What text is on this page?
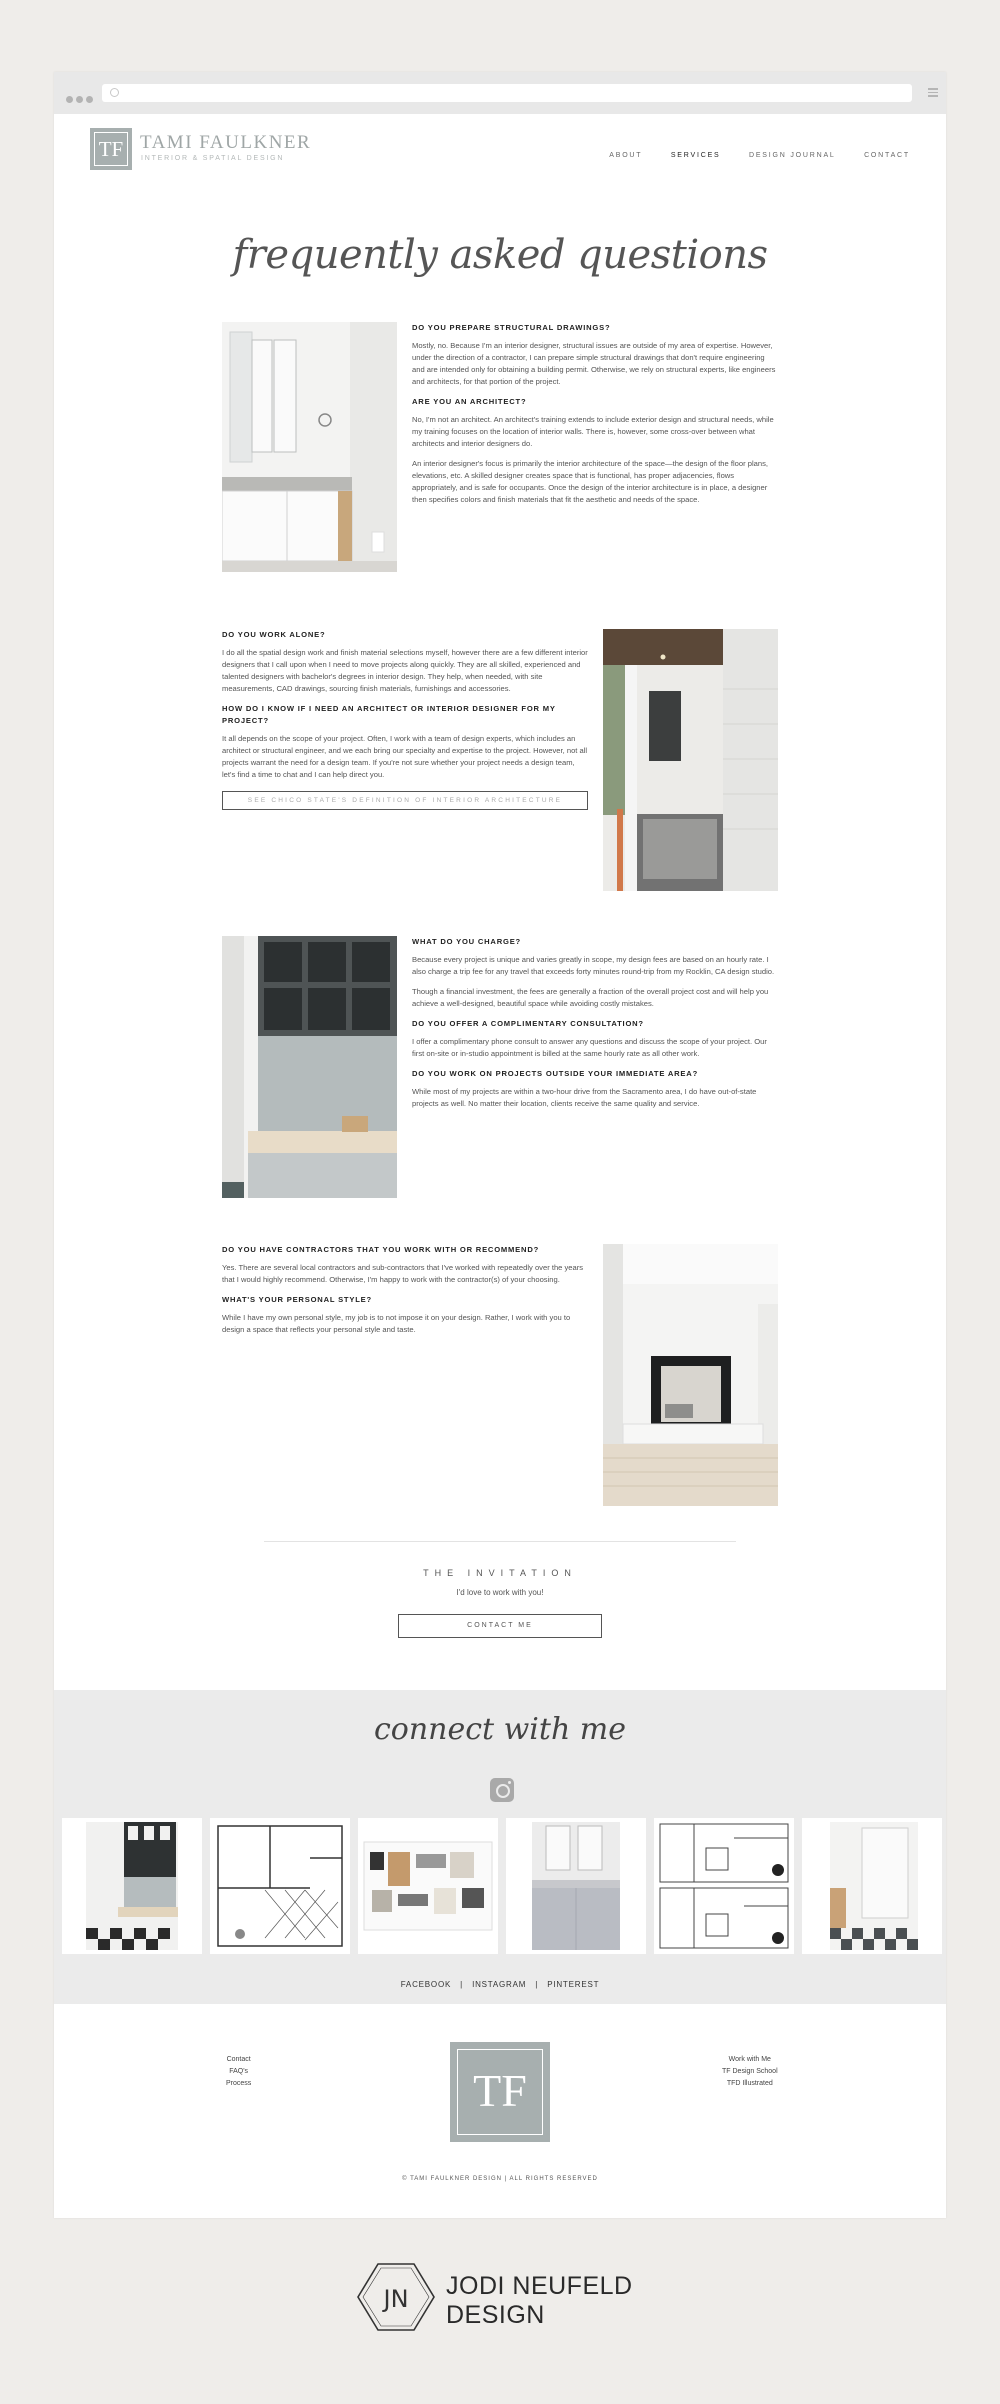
TF TAMI FAULKNER
INTERIOR & SPATIAL DESIGN	ABOUT	SERVICES	DESIGN JOURNAL	CONTACT
frequently asked questions
DO YOU PREPARE STRUCTURAL DRAWINGS?

Mostly, no. Because I'm an interior designer, structural issues are outside of my area of expertise. However, under the direction of a contractor, I can prepare simple structural drawings that don't require engineering and are intended only for obtaining a building permit. Otherwise, we rely on structural experts, like engineers and architects, for that portion of the project.

ARE YOU AN ARCHITECT?

No, I'm not an architect. An architect's training extends to include exterior design and structural needs, while my training focuses on the location of interior walls. There is, however, some cross-over between what architects and interior designers do.

An interior designer's focus is primarily the interior architecture of the space—the design of the floor plans, elevations, etc. A skilled designer creates space that is functional, has proper adjacencies, flows appropriately, and is safe for occupants. Once the design of the interior architecture is in place, a designer then specifies colors and finish materials that fit the aesthetic and needs of the space.

DO YOU WORK ALONE?

I do all the spatial design work and finish material selections myself, however there are a few different interior designers that I call upon when I need to move projects along quickly. They are all skilled, experienced and talented designers with bachelor's degrees in interior design. They help, when needed, with site measurements, CAD drawings, sourcing finish materials, furnishings and accessories.

HOW DO I KNOW IF I NEED AN ARCHITECT OR INTERIOR DESIGNER FOR MY PROJECT?

It all depends on the scope of your project. Often, I work with a team of design experts, which includes an architect or structural engineer, and we each bring our specialty and expertise to the project. However, not all projects warrant the need for a design team. If you're not sure whether your project needs a design team, let's find a time to chat and I can help direct you.

SEE CHICO STATE'S DEFINITION OF INTERIOR ARCHITECTURE
WHAT DO YOU CHARGE?

Because every project is unique and varies greatly in scope, my design fees are based on an hourly rate. I also charge a trip fee for any travel that exceeds forty minutes round-trip from my Rocklin, CA design studio.

Though a financial investment, the fees are generally a fraction of the overall project cost and will help you achieve a well-designed, beautiful space while avoiding costly mistakes.

DO YOU OFFER A COMPLIMENTARY CONSULTATION?

I offer a complimentary phone consult to answer any questions and discuss the scope of your project. Our first on-site or in-studio appointment is billed at the same hourly rate as all other work.

DO YOU WORK ON PROJECTS OUTSIDE YOUR IMMEDIATE AREA?

While most of my projects are within a two-hour drive from the Sacramento area, I do have out-of-state projects as well. No matter their location, clients receive the same quality and service.

DO YOU HAVE CONTRACTORS THAT YOU WORK WITH OR RECOMMEND?

Yes. There are several local contractors and sub-contractors that I've worked with repeatedly over the years that I would highly recommend. Otherwise, I'm happy to work with the contractor(s) of your choosing.

WHAT'S YOUR PERSONAL STYLE?

While I have my own personal style, my job is to not impose it on your design. Rather, I work with you to design a space that reflects your personal style and taste.

THE INVITATION
I'd love to work with you!
CONTACT ME
connect with me
FACEBOOK | INSTAGRAM | PINTEREST
Contact
FAQ's
Process	TF
Work with Me
TF Design School
TFD Illustrated
© TAMI FAULKNER DESIGN | ALL RIGHTS RESERVED
JN JODI NEUFELD
DESIGN
